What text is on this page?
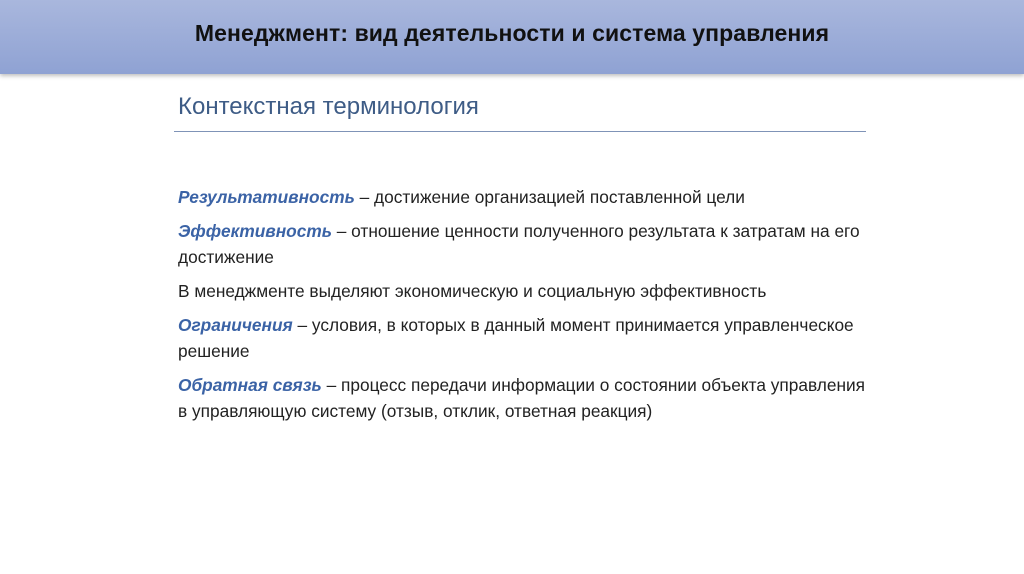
Менеджмент: вид деятельности и система управления
Контекстная терминология

Результативность – достижение организацией поставленной цели

Эффективность – отношение ценности полученного результата к затратам на его достижение

В менеджменте выделяют экономическую и социальную эффективность

Ограничения – условия, в которых в данный момент принимается управленческое решение

Обратная связь – процесс передачи информации о состоянии объекта управления в управляющую систему (отзыв, отклик, ответная реакция)
